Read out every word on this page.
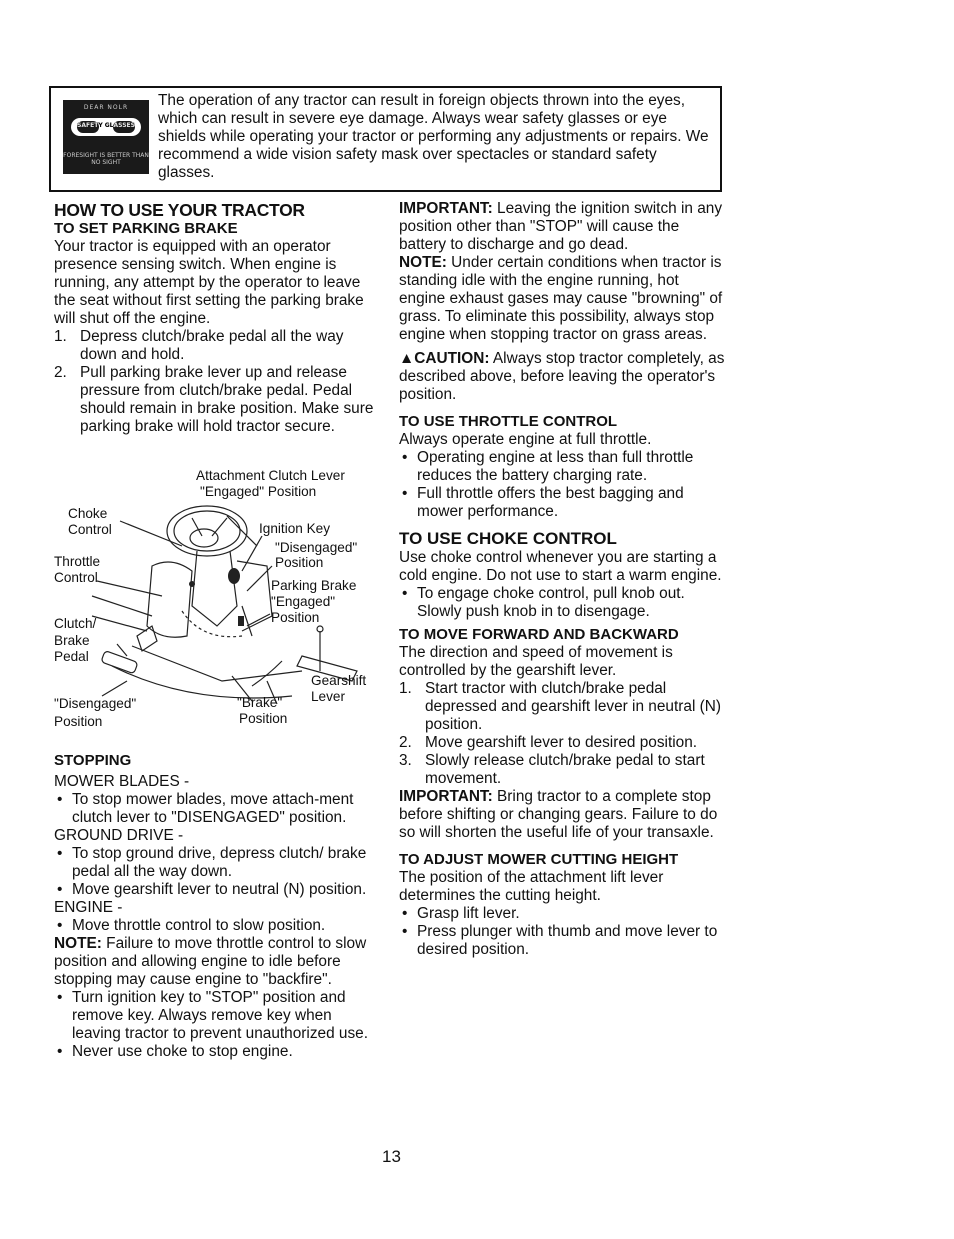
DEAR NOLR
SAFETY GLASSES
FORESIGHT IS BETTER THAN NO SIGHT
The operation of any tractor can result in foreign objects thrown into the eyes, which can result in severe eye damage. Always wear safety glasses or eye shields while operating your tractor or performing any adjustments or repairs. We recommend a wide vision safety mask over spectacles or standard safety glasses.

HOW TO USE YOUR TRACTOR

TO SET PARKING BRAKE

Your tractor is equipped with an operator presence sensing switch. When engine is running, any attempt by the operator to leave the seat without first setting the parking brake will shut off the engine.

1. Depress clutch/brake pedal all the way down and hold.
2. Pull parking brake lever up and release pressure from clutch/brake pedal. Pedal should remain in brake position. Make sure parking brake will hold tractor secure.
Attachment Clutch Lever
"Engaged" Position
Choke
Control	Ignition Key
"Disengaged"
Position
Throttle
Control
Parking Brake
"Engaged"
Position
Clutch/
Brake
Pedal
Gearshift
Lever
"Disengaged"
Position
"Brake"
Position

STOPPING

MOWER BLADES -

• To stop mower blades, move attach-ment clutch lever to "DISENGAGED" position.

GROUND DRIVE -

• To stop ground drive, depress clutch/ brake pedal all the way down.
• Move gearshift lever to neutral (N) position.

ENGINE -

• Move throttle control to slow position.

NOTE: Failure to move throttle control to slow position and allowing engine to idle before stopping may cause engine to "backfire".

• Turn ignition key to "STOP" position and remove key. Always remove key when leaving tractor to prevent unauthorized use.
• Never use choke to stop engine.

IMPORTANT: Leaving the ignition switch in any position other than "STOP" will cause the battery to discharge and go dead.

NOTE: Under certain conditions when tractor is standing idle with the engine running, hot engine exhaust gases may cause "browning" of grass. To eliminate this possibility, always stop engine when stopping tractor on grass areas.

▲CAUTION: Always stop tractor completely, as described above, before leaving the operator's position.

TO USE THROTTLE CONTROL

Always operate engine at full throttle.

• Operating engine at less than full throttle reduces the battery charging rate.
• Full throttle offers the best bagging and mower performance.

TO USE CHOKE CONTROL

Use choke control whenever you are starting a cold engine. Do not use to start a warm engine.

• To engage choke control, pull knob out. Slowly push knob in to disengage.

TO MOVE FORWARD AND BACKWARD

The direction and speed of movement is controlled by the gearshift lever.

1. Start tractor with clutch/brake pedal depressed and gearshift lever in neutral (N) position.
2. Move gearshift lever to desired position.
3. Slowly release clutch/brake pedal to start movement.

IMPORTANT: Bring tractor to a complete stop before shifting or changing gears. Failure to do so will shorten the useful life of your transaxle.

TO ADJUST MOWER CUTTING HEIGHT

The position of the attachment lift lever determines the cutting height.

• Grasp lift lever.
• Press plunger with thumb and move lever to desired position.
13
